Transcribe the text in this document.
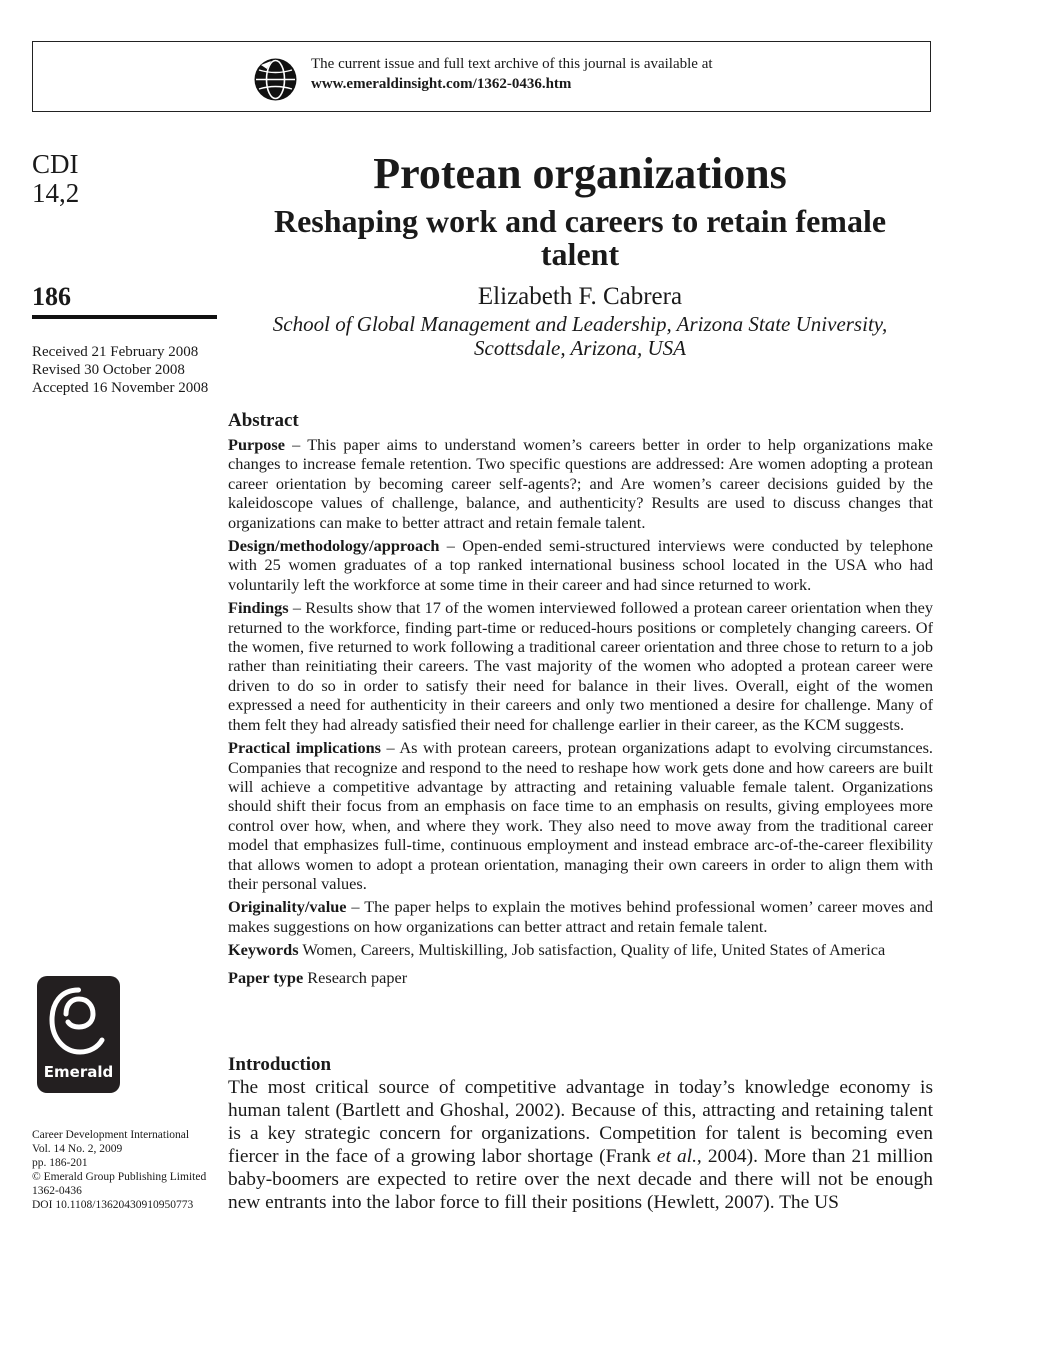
The current issue and full text archive of this journal is available at
www.emeraldinsight.com/1362-0436.htm
CDI
14,2
186
Received 21 February 2008
Revised 30 October 2008
Accepted 16 November 2008
Protean organizations
Reshaping work and careers to retain female
talent
Elizabeth F. Cabrera
School of Global Management and Leadership, Arizona State University,
Scottsdale, Arizona, USA
Abstract

Purpose – This paper aims to understand women’s careers better in order to help organizations make changes to increase female retention. Two specific questions are addressed: Are women adopting a protean career orientation by becoming career self-agents?; and Are women’s career decisions guided by the kaleidoscope values of challenge, balance, and authenticity? Results are used to discuss changes that organizations can make to better attract and retain female talent.

Design/methodology/approach – Open-ended semi-structured interviews were conducted by telephone with 25 women graduates of a top ranked international business school located in the USA who had voluntarily left the workforce at some time in their career and had since returned to work.

Findings – Results show that 17 of the women interviewed followed a protean career orientation when they returned to the workforce, finding part-time or reduced-hours positions or completely changing careers. Of the women, five returned to work following a traditional career orientation and three chose to return to a job rather than reinitiating their careers. The vast majority of the women who adopted a protean career were driven to do so in order to satisfy their need for balance in their lives. Overall, eight of the women expressed a need for authenticity in their careers and only two mentioned a desire for challenge. Many of them felt they had already satisfied their need for challenge earlier in their career, as the KCM suggests.

Practical implications – As with protean careers, protean organizations adapt to evolving circumstances. Companies that recognize and respond to the need to reshape how work gets done and how careers are built will achieve a competitive advantage by attracting and retaining valuable female talent. Organizations should shift their focus from an emphasis on face time to an emphasis on results, giving employees more control over how, when, and where they work. They also need to move away from the traditional career model that emphasizes full-time, continuous employment and instead embrace arc-of-the-career flexibility that allows women to adopt a protean orientation, managing their own careers in order to align them with their personal values.

Originality/value – The paper helps to explain the motives behind professional women’ career moves and makes suggestions on how organizations can better attract and retain female talent.

Keywords Women, Careers, Multiskilling, Job satisfaction, Quality of life, United States of America

Paper type Research paper

Emerald
Career Development International
Vol. 14 No. 2, 2009
pp. 186-201
© Emerald Group Publishing Limited
1362-0436
DOI 10.1108/13620430910950773
Introduction

The most critical source of competitive advantage in today’s knowledge economy is human talent (Bartlett and Ghoshal, 2002). Because of this, attracting and retaining talent is a key strategic concern for organizations. Competition for talent is becoming even fiercer in the face of a growing labor shortage (Frank et al., 2004). More than 21 million baby-boomers are expected to retire over the next decade and there will not be enough new entrants into the labor force to fill their positions (Hewlett, 2007). The US
